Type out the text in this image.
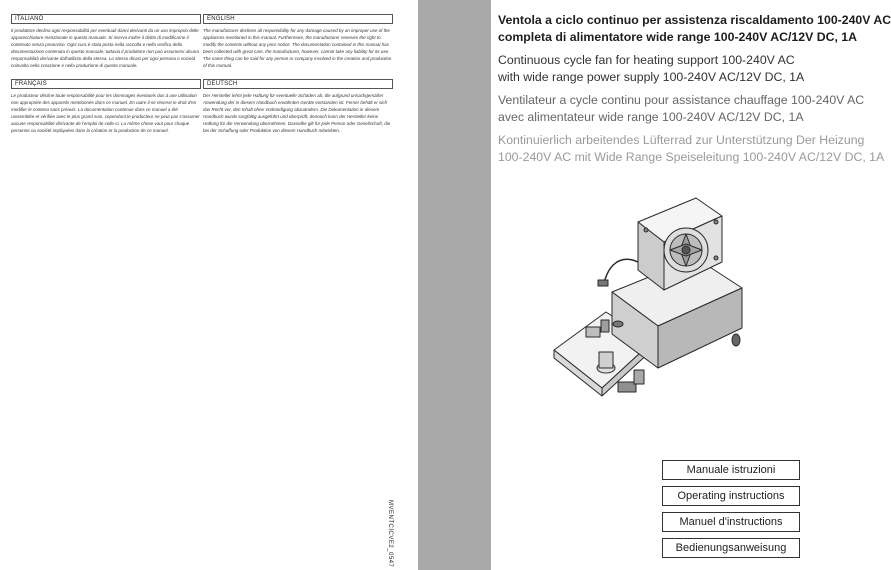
ITALIANO

Il produttore declina ogni responsabilità per eventuali danni derivanti da un uso improprio delle apparecchiature menzionate in questo manuale. Si riserva inoltre il diritto di modificarne il contenuto senza preavviso. Ogni cura è stata posta nella raccolta e nella verifica della documentazione contenuta in questo manuale, tuttavia il produttore non può assumersi alcuna responsabilità derivante dall'utilizzo della stessa. Lo stesso dicasi per ogni persona o società coinvolta nella creazione e nella produzione di questo manuale.

ENGLISH

The manufacturer declines all responsibility for any damage caused by an improper use of the appliances mentioned in this manual. Furthermore, the manufacturer reserves the right to modify the contents without any prior notice. The documentation contained in this manual has been collected with great care, the manufacturer, however, cannot take any liability for its use. The same thing can be said for any person or company involved in the creation and production of this manual.

FRANÇAIS

Le producteur décline toute responsabilité pour les dommages éventuels dus à une utilisation non appropriée des appareils mentionnés dans ce manuel. En outre il se réserve le droit d'en modifier le contenu sans préavis. La documentation contenue dans ce manuel a été rassemblée et vérifiée avec le plus grand soin, cependant,le producteur ne peut pas s'assumer aucune responsabilité dérivante de l'emploi de celle-ci. La même chose vaut pour chaque personne ou société impliquées dans la création et la production de ce manuel.

DEUTSCH

Der Hersteller lehnt jede Haftung für eventuelle Schäden ab, die aufgrund unsachgemäßer Anwendung der in diesem Handbuch erwähnten Geräte entstanden ist. Ferner behält er sich das Recht vor, den Inhalt ohne Vorkündigung abzuändern. Die Dokumentation in diesem Handbuch wurde sorgfältig ausgeführt und überprüft, dennoch kann der Hersteller keine Haftung für die Verwendung übernehmen. Dasselbe gilt für jede Person oder Gesellschaft, die bei der Schaffung oder Produktion von diesem Handbuch mitwirkten.

MVENTCICVE2_0547
Ventola a ciclo continuo per assistenza riscaldamento 100-240V AC
completa di alimentatore wide range 100-240V AC/12V DC, 1A
Continuous cycle fan for heating support 100-240V AC
with wide range power supply 100-240V AC/12V DC, 1A
Ventilateur a cycle continu pour assistance chauffage 100-240V AC
avec alimentateur wide range 100-240V AC/12V DC, 1A
Kontinuierlich arbeitendes Lüfterrad zur Unterstützung Der Heizung
100-240V AC mit Wide Range Speiseleitung 100-240V AC/12V DC, 1A
Manuale istruzioni
Operating instructions
Manuel d'instructions
Bedienungsanweisung
